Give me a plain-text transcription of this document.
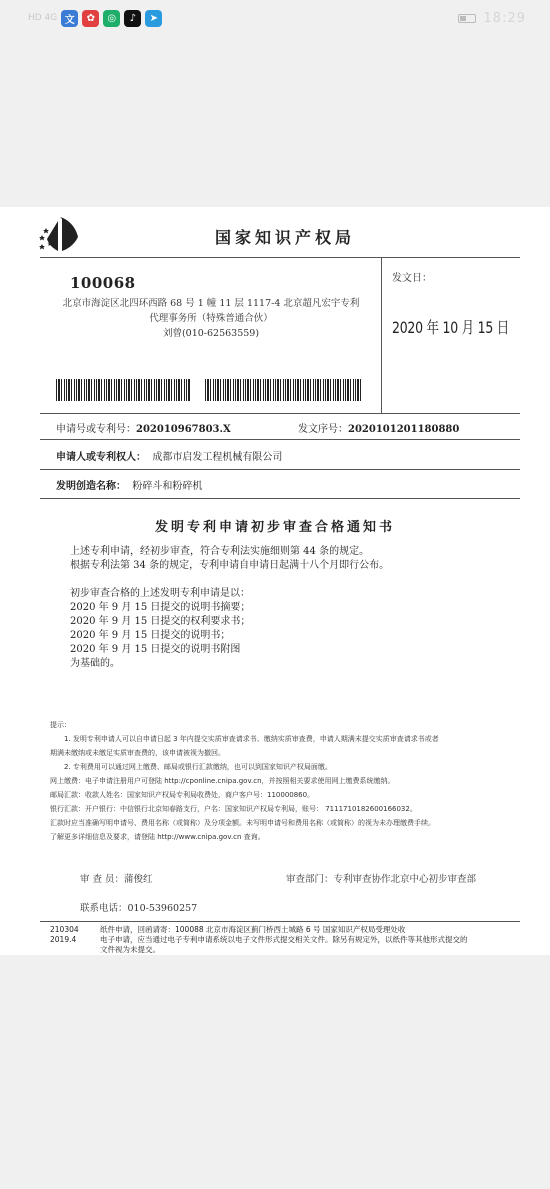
HD 4G 文	✿	◎	♪	➤	18:29
国家知识产权局
100068
北京市海淀区北四环西路 68 号 1 幢 11 层 1117-4 北京超凡宏宇专利
代理事务所（特殊普通合伙）
刘曾(010-62563559)
发文日：
2020 年 10 月 15 日
申请号或专利号：202010967803.X	发文序号：2020101201180880
申请人或专利权人： 成都市启发工程机械有限公司
发明创造名称： 粉碎斗和粉碎机
发明专利申请初步审查合格通知书
上述专利申请，经初步审查，符合专利法实施细则第 44 条的规定。
根据专利法第 34 条的规定，专利申请自申请日起满十八个月即行公布。
初步审查合格的上述发明专利申请是以：
2020 年 9 月 15 日提交的说明书摘要；
2020 年 9 月 15 日提交的权利要求书；
2020 年 9 月 15 日提交的说明书；
2020 年 9 月 15 日提交的说明书附图
为基础的。
提示：
1. 发明专利申请人可以自申请日起 3 年内提交实质审查请求书、缴纳实质审查费，申请人期满未提交实质审查请求书或者
期满未缴纳或未缴足实质审查费的，该申请被视为撤回。
2. 专利费用可以通过网上缴费、邮局或银行汇款缴纳，也可以到国家知识产权局面缴。
网上缴费：电子申请注册用户可登陆 http://cponline.cnipa.gov.cn，并按照相关要求使用网上缴费系统缴纳。
邮局汇款：收款人姓名：国家知识产权局专利局收费处，商户客户号：110000860。
银行汇款：开户银行：中信银行北京知春路支行，户名：国家知识产权局专利局，账号： 7111710182600166032。
汇款时应当准确写明申请号、费用名称（或简称）及分项金额。未写明申请号和费用名称（或简称）的视为未办理缴费手续。
了解更多详细信息及要求，请登陆 http://www.cnipa.gov.cn 查询。
审 查 员：蒲俊红	审查部门：专利审查协作北京中心初步审查部
联系电话：010-53960257
210304
2019.4
纸件申请，回函请寄：100088 北京市海淀区蓟门桥西土城路 6 号 国家知识产权局受理处收
电子申请，应当通过电子专利申请系统以电子文件形式提交相关文件。除另有规定外，以纸件等其他形式提交的
文件视为未提交。
